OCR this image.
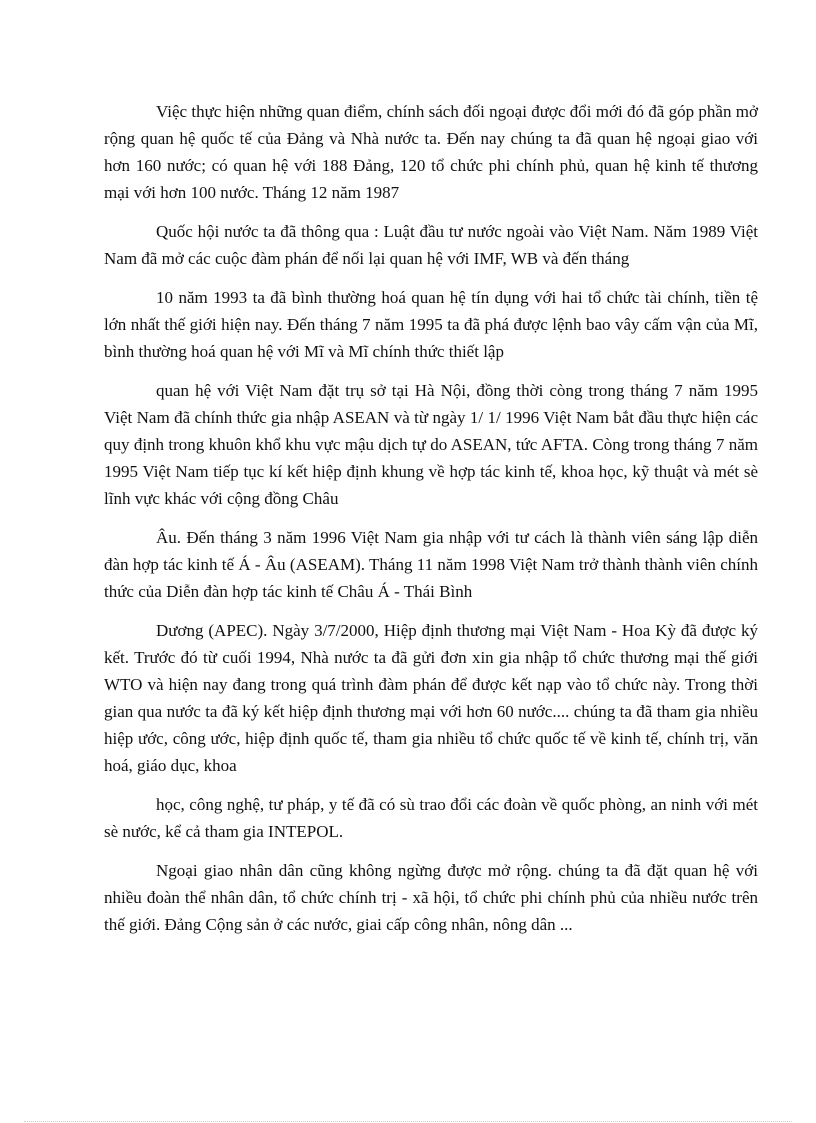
Việc thực hiện những quan điểm, chính sách đối ngoại được đổi mới đó đã góp phần mở rộng quan hệ quốc tế của Đảng và Nhà nước ta. Đến nay chúng ta đã quan hệ ngoại giao với hơn 160 nước; có quan hệ với 188 Đảng, 120 tổ chức phi chính phủ, quan hệ kinh tế thương mại với hơn 100 nước. Tháng 12 năm 1987

Quốc hội nước ta đã thông qua : Luật đầu tư nước ngoài vào Việt Nam. Năm 1989 Việt Nam đã mở các cuộc đàm phán để nối lại quan hệ với IMF, WB và đến tháng

10 năm 1993 ta đã bình thường hoá quan hệ tín dụng với hai tổ chức tài chính, tiền tệ lớn nhất thế giới hiện nay. Đến tháng 7 năm 1995 ta đã phá được lệnh bao vây cấm vận của Mĩ, bình thường hoá quan hệ với Mĩ và Mĩ chính thức thiết lập

quan hệ với Việt Nam đặt trụ sở tại Hà Nội, đồng thời còng trong tháng 7 năm 1995 Việt Nam đã chính thức gia nhập ASEAN và từ ngày 1/ 1/ 1996 Việt Nam bắt đầu thực hiện các quy định trong khuôn khổ khu vực mậu dịch tự do ASEAN, tức AFTA. Còng trong tháng 7 năm 1995 Việt Nam tiếp tục kí kết hiệp định khung về hợp tác kinh tế, khoa học, kỹ thuật và mét sè lĩnh vực khác với cộng đồng Châu

Âu. Đến tháng 3 năm 1996 Việt Nam gia nhập với tư cách là thành viên sáng lập diễn đàn hợp tác kinh tế Á - Âu (ASEAM). Tháng 11 năm 1998 Việt Nam trở thành thành viên chính thức của Diễn đàn hợp tác kinh tế Châu Á - Thái Bình

Dương (APEC). Ngày 3/7/2000, Hiệp định thương mại Việt Nam - Hoa Kỳ đã được ký kết. Trước đó từ cuối 1994, Nhà nước ta đã gửi đơn xin gia nhập tổ chức thương mại thế giới WTO và hiện nay đang trong quá trình đàm phán để được kết nạp vào tổ chức này. Trong thời gian qua nước ta đã ký kết hiệp định thương mại với hơn 60 nước.... chúng ta đã tham gia nhiều hiệp ước, công ước, hiệp định quốc tế, tham gia nhiều tổ chức quốc tế về kinh tế, chính trị, văn hoá, giáo dục, khoa

học, công nghệ, tư pháp, y tế đã có sù trao đổi các đoàn về quốc phòng, an ninh với mét sè nước, kể cả tham gia INTEPOL.

Ngoại giao nhân dân cũng không ngừng được mở rộng. chúng ta đã đặt quan hệ với nhiều đoàn thể nhân dân, tổ chức chính trị - xã hội, tổ chức phi chính phủ của nhiều nước trên thế giới. Đảng Cộng sản ở các nước, giai cấp công nhân, nông dân ...
